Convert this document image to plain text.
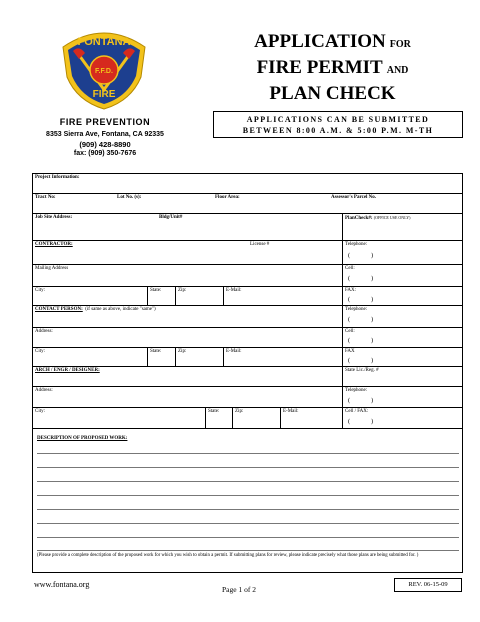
FONTANA
F.F.D.
FIRE
FIRE PREVENTION
8353 Sierra Ave, Fontana, CA 92335
(909) 428-8890
fax: (909) 350-7676
APPLICATION FOR
FIRE PERMIT AND
PLAN CHECK
APPLICATIONS CAN BE SUBMITTED
BETWEEN 8:00 A.M. & 5:00 P.M. M-TH
Project Information:
Tract No:	Lot No. (s):	Floor Area:	Assessor's Parcel No.
Job Site Address:	Bldg/Unit#	PlanCheck#: (OFFICE USE ONLY)
CONTRACTOR:	License #	Telephone:
(	)
Mailing Address	Cell:
(	)
City:	State:	Zip:	E-Mail:	FAX:
(	)
CONTACT PERSON: (if same as above, indicate "same")	Telephone:
(	)
Address:	Cell:
(	)
City:	State:	Zip:	E-Mail:	FAX
(	)
ARCH / ENGR / DESIGNER:	State Lic./Reg. #
Address:	Telephone:
(	)
City:	State:	Zip:	E-Mail:	Cell / FAX:
(	)
DESCRIPTION OF PROPOSED WORK:
(Please provide a complete description of the proposed work for which you wish to obtain a permit. If submitting plans for review, please indicate precisely what those plans are being submitted for. )
www.fontana.org
Page 1 of 2
REV. 06-15-09
